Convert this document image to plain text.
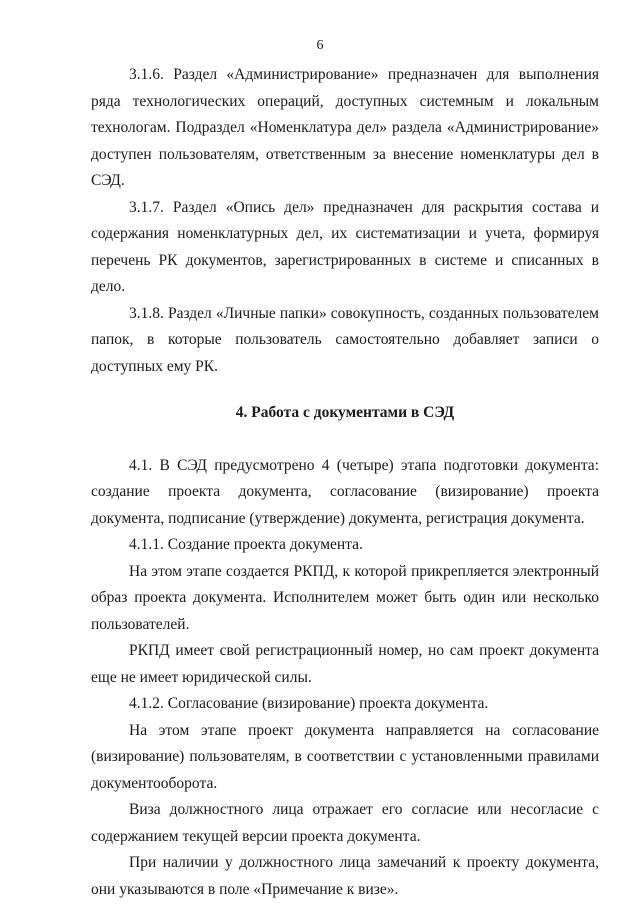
6

3.1.6. Раздел «Администрирование» предназначен для выполнения ряда технологических операций, доступных системным и локальным технологам. Подраздел «Номенклатура дел» раздела «Администрирование» доступен пользователям, ответственным за внесение номенклатуры дел в СЭД.

3.1.7. Раздел «Опись дел» предназначен для раскрытия состава и содержания номенклатурных дел, их систематизации и учета, формируя перечень РК документов, зарегистрированных в системе и списанных в дело.

3.1.8. Раздел «Личные папки» совокупность, созданных пользователем папок, в которые пользователь самостоятельно добавляет записи о доступных ему РК.

4. Работа с документами в СЭД

4.1. В СЭД предусмотрено 4 (четыре) этапа подготовки документа: создание проекта документа, согласование (визирование) проекта документа, подписание (утверждение) документа, регистрация документа.

4.1.1. Создание проекта документа.

На этом этапе создается РКПД, к которой прикрепляется электронный образ проекта документа. Исполнителем может быть один или несколько пользователей.

РКПД имеет свой регистрационный номер, но сам проект документа еще не имеет юридической силы.

4.1.2. Согласование (визирование) проекта документа.

На этом этапе проект документа направляется на согласование (визирование) пользователям, в соответствии с установленными правилами документооборота.

Виза должностного лица отражает его согласие или несогласие с содержанием текущей версии проекта документа.

При наличии у должностного лица замечаний к проекту документа, они указываются в поле «Примечание к визе».
